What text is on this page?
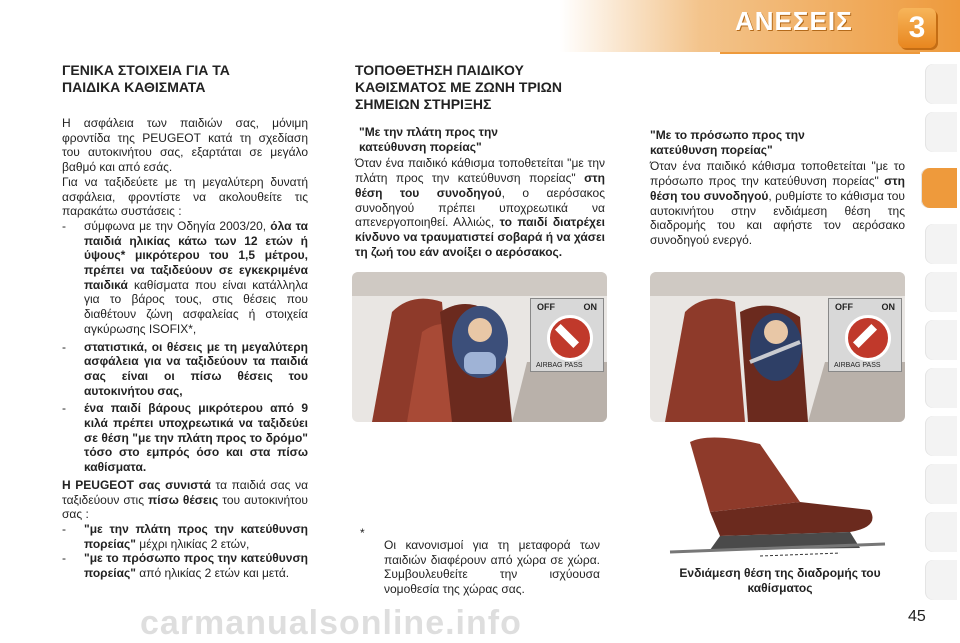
ΑΝΕΣΕΙΣ	3
ΓΕΝΙΚΑ ΣΤΟΙΧΕΙΑ ΓΙΑ ΤΑ ΠΑΙΔΙΚΑ ΚΑΘΙΣΜΑΤΑ

Η ασφάλεια των παιδιών σας, μόνιμη φροντίδα της PEUGEOT κατά τη σχεδίαση του αυτοκινήτου σας, εξαρτάται σε μεγάλο βαθμό και από εσάς.

Για να ταξιδεύετε με τη μεγαλύτερη δυνατή ασφάλεια, φροντίστε να ακολουθείτε τις παρακάτω συστάσεις :

- σύμφωνα με την Οδηγία 2003/20, όλα τα παιδιά ηλικίας κάτω των 12 ετών ή ύψους* μικρότερου του 1,5 μέτρου, πρέπει να ταξιδεύουν σε εγκεκριμένα παιδικά καθίσματα που είναι κατάλληλα για το βάρος τους, στις θέσεις που διαθέτουν ζώνη ασφαλείας ή στοιχεία αγκύρωσης ISOFIX*,
- στατιστικά, οι θέσεις με τη μεγαλύτερη ασφάλεια για να ταξιδεύουν τα παιδιά σας είναι οι πίσω θέσεις του αυτοκινήτου σας,
- ένα παιδί βάρους μικρότερου από 9 κιλά πρέπει υποχρεωτικά να ταξιδεύει σε θέση "με την πλάτη προς το δρόμο" τόσο στο εμπρός όσο και στα πίσω καθίσματα.

Η PEUGEOT σας συνιστά τα παιδιά σας να ταξιδεύουν στις πίσω θέσεις του αυτοκινήτου σας :

- "με την πλάτη προς την κατεύθυνση πορείας" μέχρι ηλικίας 2 ετών,
- "με το πρόσωπο προς την κατεύθυνση πορείας" από ηλικίας 2 ετών και μετά.
ΤΟΠΟΘΕΤΗΣΗ ΠΑΙΔΙΚΟΥ ΚΑΘΙΣΜΑΤΟΣ ΜΕ ΖΩΝΗ ΤΡΙΩΝ ΣΗΜΕΙΩΝ ΣΤΗΡΙΞΗΣ

"Με την πλάτη προς την κατεύθυνση πορείας"

Όταν ένα παιδικό κάθισμα τοποθετείται "με την πλάτη προς την κατεύθυνση πορείας" στη θέση του συνοδηγού, ο αερόσακος συνοδηγού πρέπει υποχρεωτικά να απενεργοποιηθεί. Αλλιώς, το παιδί διατρέχει κίνδυνο να τραυματιστεί σοβαρά ή να χάσει τη ζωή του εάν ανοίξει ο αερόσακος.

OFF	ON
AIRBAG PASS
*

Οι κανονισμοί για τη μεταφορά των παιδιών διαφέρουν από χώρα σε χώρα. Συμβουλευθείτε την ισχύουσα νομοθεσία της χώρας σας.

"Με το πρόσωπο προς την κατεύθυνση πορείας"

Όταν ένα παιδικό κάθισμα τοποθετείται "με το πρόσωπο προς την κατεύθυνση πορείας" στη θέση του συνοδηγού, ρυθμίστε το κάθισμα του αυτοκινήτου στην ενδιάμεση θέση της διαδρομής του και αφήστε τον αερόσακο συνοδηγού ενεργό.

OFF	ON
AIRBAG PASS
Ενδιάμεση θέση της διαδρομής του καθίσματος
carmanualsonline.info	45
